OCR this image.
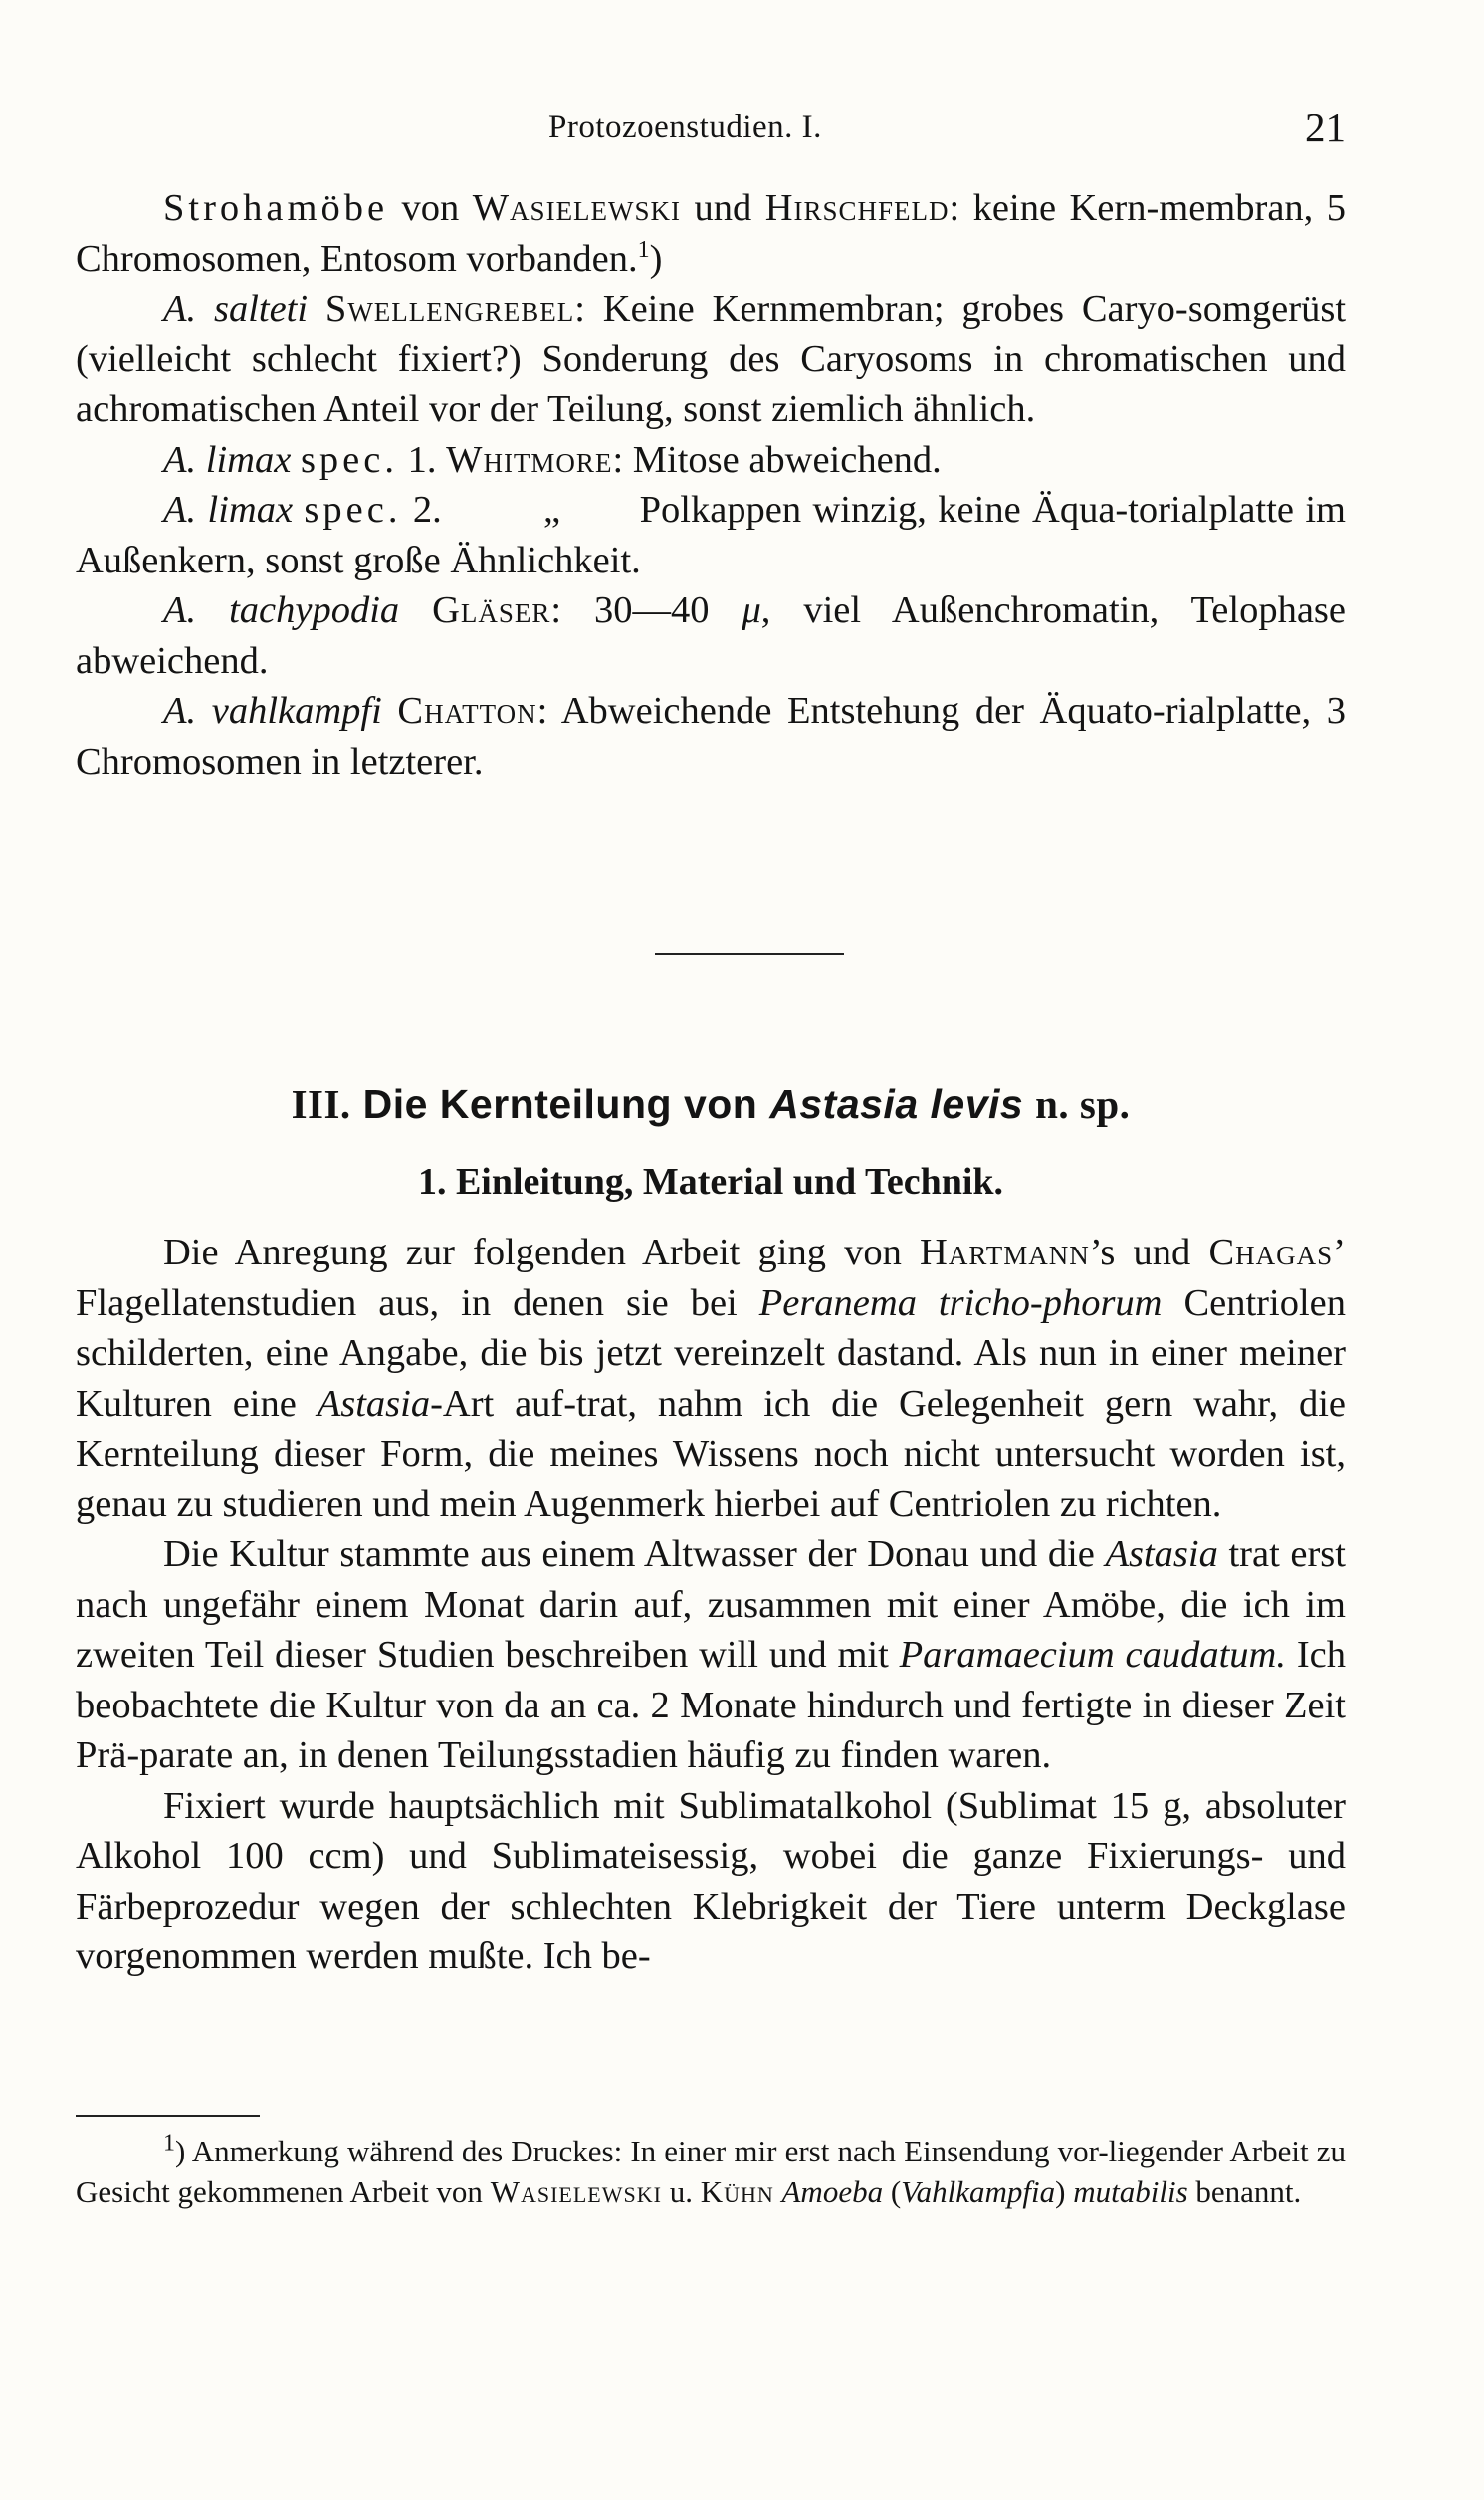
Protozoenstudien. I.	21

Strohamöbe von Wasielewski und Hirschfeld: keine Kern-membran, 5 Chromosomen, Entosom vorbanden.$^1$)

A. salteti Swellengrebel: Keine Kernmembran; grobes Caryo-somgerüst (vielleicht schlecht fixiert?) Sonderung des Caryosoms in chromatischen und achromatischen Anteil vor der Teilung, sonst ziemlich ähnlich.

A. limax spec. 1. Whitmore: Mitose abweichend.

A. limax spec. 2.         „       Polkappen winzig, keine Äqua-torialplatte im Außenkern, sonst große Ähnlichkeit.

A. tachypodia Gläser: 30—40 μ, viel Außenchromatin, Telophase abweichend.

A. vahlkampfi Chatton: Abweichende Entstehung der Äquato-rialplatte, 3 Chromosomen in letzterer.

III. Die Kernteilung von Astasia levis n. sp.
1. Einleitung, Material und Technik.

Die Anregung zur folgenden Arbeit ging von Hartmann’s und Chagas’ Flagellatenstudien aus, in denen sie bei Peranema tricho-phorum Centriolen schilderten, eine Angabe, die bis jetzt vereinzelt dastand. Als nun in einer meiner Kulturen eine Astasia-Art auf-trat, nahm ich die Gelegenheit gern wahr, die Kernteilung dieser Form, die meines Wissens noch nicht untersucht worden ist, genau zu studieren und mein Augenmerk hierbei auf Centriolen zu richten.

Die Kultur stammte aus einem Altwasser der Donau und die Astasia trat erst nach ungefähr einem Monat darin auf, zusammen mit einer Amöbe, die ich im zweiten Teil dieser Studien beschreiben will und mit Paramaecium caudatum. Ich beobachtete die Kultur von da an ca. 2 Monate hindurch und fertigte in dieser Zeit Prä-parate an, in denen Teilungsstadien häufig zu finden waren.

Fixiert wurde hauptsächlich mit Sublimatalkohol (Sublimat 15 g, absoluter Alkohol 100 ccm) und Sublimateisessig, wobei die ganze Fixierungs- und Färbeprozedur wegen der schlechten Klebrigkeit der Tiere unterm Deckglase vorgenommen werden mußte. Ich be-

$^1$) Anmerkung während des Druckes: In einer mir erst nach Einsendung vor-liegender Arbeit zu Gesicht gekommenen Arbeit von Wasielewski u. Kühn Amoeba (Vahlkampfia) mutabilis benannt.
